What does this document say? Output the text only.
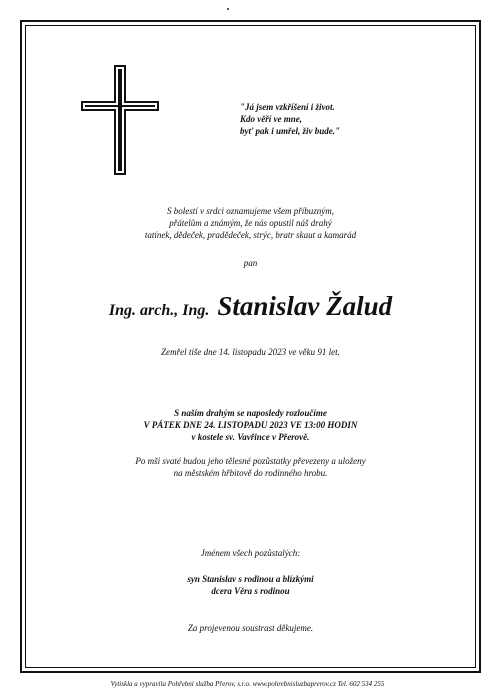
"Já jsem vzkříšení i život.
Kdo věří ve mne,
byť pak i umřel, živ bude."
S bolestí v srdci oznamujeme všem příbuzným,
přátelům a známým, že nás opustil náš drahý
tatínek, dědeček, pradědeček, strýc, bratr skaut a kamarád
pan
Ing. arch., Ing. Stanislav Žalud
Zemřel tiše dne 14. listopadu 2023 ve věku 91 let.
S naším drahým se naposledy rozloučíme
V PÁTEK DNE 24. LISTOPADU 2023 VE 13:00 HODIN
v kostele sv. Vavřince v Přerově.
Po mši svaté budou jeho tělesné pozůstatky převezeny a uloženy
na městském hřbitově do rodinného hrobu.
Jménem všech pozůstalých:
syn Stanislav s rodinou a blízkými
dcera Věra s rodinou
Za projevenou soustrast děkujeme.
Vytiskla a vypravila Pohřební služba Přerov, s.r.o. www.pohrebnisluzbaprerov.cz Tel. 602 534 255
